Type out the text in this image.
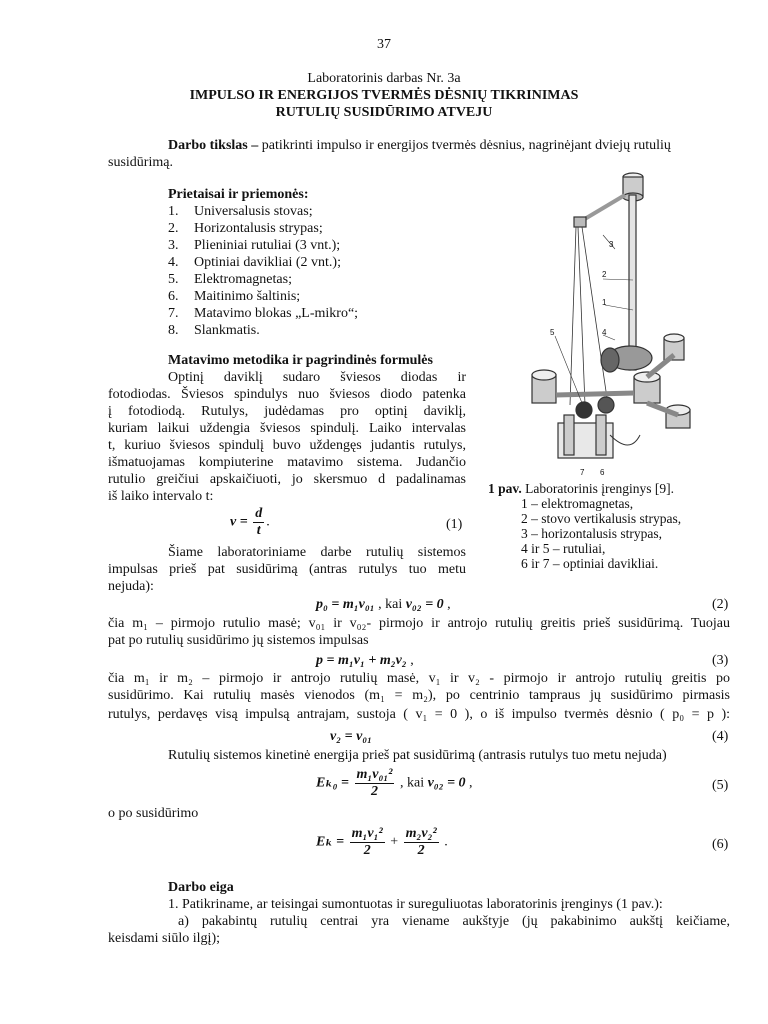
37
Laboratorinis darbas Nr. 3a
IMPULSO IR ENERGIJOS TVERMĖS DĖSNIŲ TIKRINIMAS
RUTULIŲ SUSIDŪRIMO ATVEJU
Darbo tikslas – patikrinti impulso ir energijos tvermės dėsnius, nagrinėjant dviejų rutulių
susidūrimą.
Prietaisai ir priemonės:
1. Universalusis stovas;
2. Horizontalusis strypas;
3. Plieniniai rutuliai (3 vnt.);
4. Optiniai davikliai (2 vnt.);
5. Elektromagnetas;
6. Maitinimo šaltinis;
7. Matavimo blokas „L-mikro“;
8. Slankmatis.
Matavimo metodika ir pagrindinės formulės
Optinį daviklį sudaro šviesos diodas ir
fotodiodas. Šviesos spindulys nuo šviesos diodo patenka
į fotodiodą. Rutulys, judėdamas pro optinį daviklį,
kuriam laikui uždengia šviesos spindulį. Laiko intervalas
t, kuriuo šviesos spindulį buvo uždengęs judantis rutulys,
išmatuojamas kompiuterine matavimo sistema. Judančio
rutulio greičiui apskaičiuoti, jo skersmuo d padalinamas
iš laiko intervalo t:
$v = \frac{d}{t}$ .	(1)
3
2
1
5	4
7 6
1 pav. Laboratorinis įrenginys [9].
1 – elektromagnetas,
2 – stovo vertikalusis strypas,
3 – horizontalusis strypas,
4 ir 5 – rutuliai,
6 ir 7 – optiniai davikliai.
Šiame laboratoriniame darbe rutulių sistemos
impulsas prieš pat susidūrimą (antras rutulys tuo metu
nejuda):
p₀ = m₁v₀₁ , kai v₀₂ = 0 ,	(2)
čia m₁ – pirmojo rutulio masė; v₀₁ ir v₀₂- pirmojo ir antrojo rutulių greitis prieš susidūrimą. Tuojau
pat po rutulių susidūrimo jų sistemos impulsas
p = m₁v₁ + m₂v₂ ,	(3)
čia m₁ ir m₂ – pirmojo ir antrojo rutulių masė, v₁ ir v₂ - pirmojo ir antrojo rutulių greitis po
susidūrimo. Kai rutulių masės vienodos (m₁ = m₂), po centrinio tampraus jų susidūrimo pirmasis
rutulys, perdavęs visą impulsą antrajam, sustoja ( v₁ = 0 ), o iš impulso tvermės dėsnio ( p₀ = p ):
v₂ = v₀₁	(4)
Rutulių sistemos kinetinė energija prieš pat susidūrimą (antrasis rutulys tuo metu nejuda)
$E_{k0} = \frac{\text{m₁v₀₁²}}{2}$ , kai v₀₂ = 0 ,	(5)
o po susidūrimo
$E_k = \frac{\text{m₁v₁²}}{2} + \frac{\text{m₂v₂²}}{2}$ .	(6)
Darbo eiga
1. Patikriname, ar teisingai sumontuotas ir sureguliuotas laboratorinis įrenginys (1 pav.):
a) pakabintų rutulių centrai yra viename aukštyje (jų pakabinimo aukštį keičiame,
keisdami siūlo ilgį);
